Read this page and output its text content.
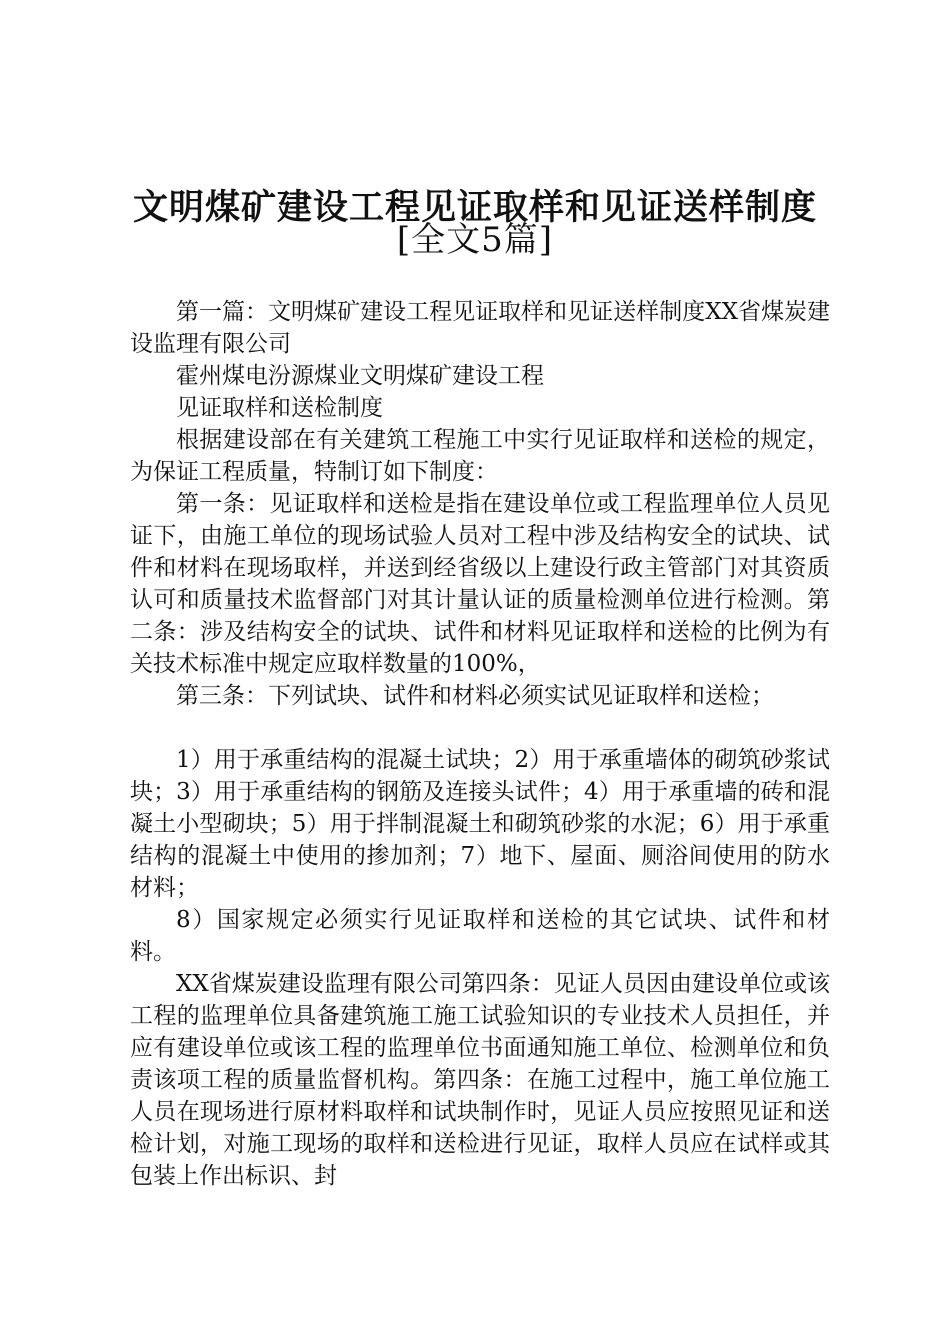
文明煤矿建设工程见证取样和见证送样制度
[全文5篇]

第一篇：文明煤矿建设工程见证取样和见证送样制度XX省煤炭建设监理有限公司

霍州煤电汾源煤业文明煤矿建设工程

见证取样和送检制度

根据建设部在有关建筑工程施工中实行见证取样和送检的规定，为保证工程质量，特制订如下制度：

第一条：见证取样和送检是指在建设单位或工程监理单位人员见证下，由施工单位的现场试验人员对工程中涉及结构安全的试块、试件和材料在现场取样，并送到经省级以上建设行政主管部门对其资质认可和质量技术监督部门对其计量认证的质量检测单位进行检测。第二条：涉及结构安全的试块、试件和材料见证取样和送检的比例为有关技术标准中规定应取样数量的100%，

第三条：下列试块、试件和材料必须实试见证取样和送检；

1）用于承重结构的混凝土试块；2）用于承重墙体的砌筑砂浆试块；3）用于承重结构的钢筋及连接头试件；4）用于承重墙的砖和混凝土小型砌块；5）用于拌制混凝土和砌筑砂浆的水泥；6）用于承重结构的混凝土中使用的掺加剂；7）地下、屋面、厕浴间使用的防水材料；

8）国家规定必须实行见证取样和送检的其它试块、试件和材料。

XX省煤炭建设监理有限公司第四条：见证人员因由建设单位或该工程的监理单位具备建筑施工施工试验知识的专业技术人员担任，并应有建设单位或该工程的监理单位书面通知施工单位、检测单位和负责该项工程的质量监督机构。第四条：在施工过程中，施工单位施工人员在现场进行原材料取样和试块制作时，见证人员应按照见证和送检计划，对施工现场的取样和送检进行见证，取样人员应在试样或其包装上作出标识、封
